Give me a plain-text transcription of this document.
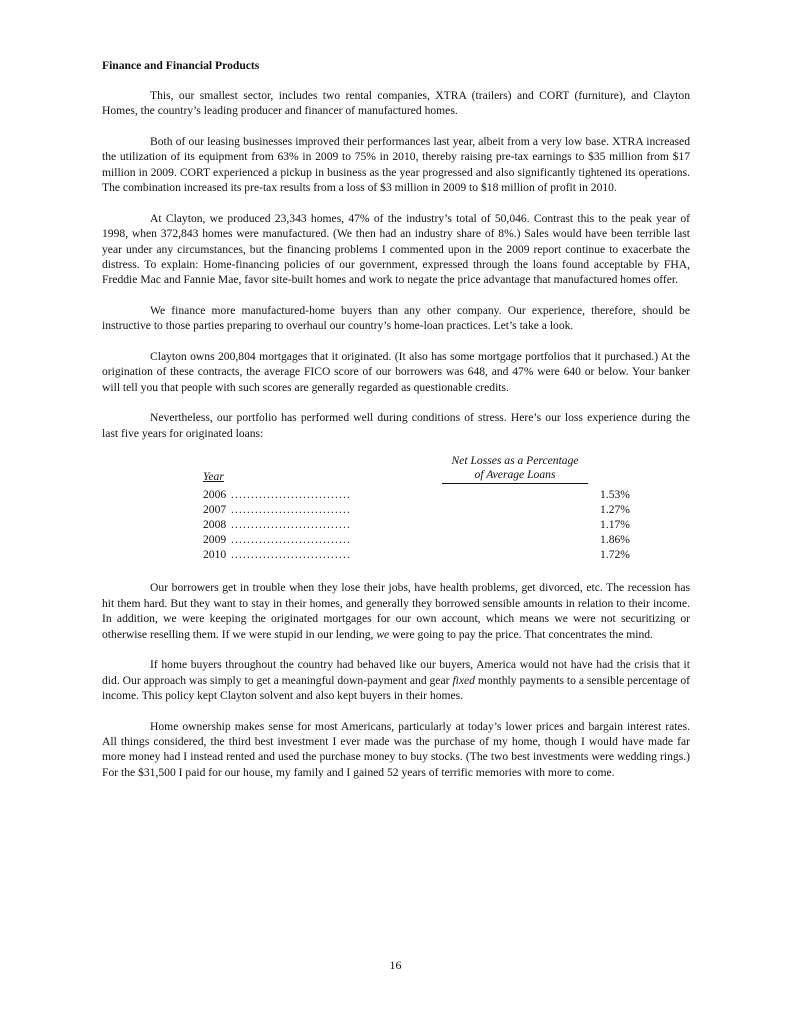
Finance and Financial Products

This, our smallest sector, includes two rental companies, XTRA (trailers) and CORT (furniture), and Clayton Homes, the country’s leading producer and financer of manufactured homes.

Both of our leasing businesses improved their performances last year, albeit from a very low base. XTRA increased the utilization of its equipment from 63% in 2009 to 75% in 2010, thereby raising pre-tax earnings to $35 million from $17 million in 2009. CORT experienced a pickup in business as the year progressed and also significantly tightened its operations. The combination increased its pre-tax results from a loss of $3 million in 2009 to $18 million of profit in 2010.

At Clayton, we produced 23,343 homes, 47% of the industry’s total of 50,046. Contrast this to the peak year of 1998, when 372,843 homes were manufactured. (We then had an industry share of 8%.) Sales would have been terrible last year under any circumstances, but the financing problems I commented upon in the 2009 report continue to exacerbate the distress. To explain: Home-financing policies of our government, expressed through the loans found acceptable by FHA, Freddie Mac and Fannie Mae, favor site-built homes and work to negate the price advantage that manufactured homes offer.

We finance more manufactured-home buyers than any other company. Our experience, therefore, should be instructive to those parties preparing to overhaul our country’s home-loan practices. Let’s take a look.

Clayton owns 200,804 mortgages that it originated. (It also has some mortgage portfolios that it purchased.) At the origination of these contracts, the average FICO score of our borrowers was 648, and 47% were 640 or below. Your banker will tell you that people with such scores are generally regarded as questionable credits.

Nevertheless, our portfolio has performed well during conditions of stress. Here’s our loss experience during the last five years for originated loans:

Year
Net Losses as a Percentage
of Average Loans
2006 ..............................	1.53%
2007 ..............................	1.27%
2008 ..............................	1.17%
2009 ..............................	1.86%
2010 ..............................	1.72%

Our borrowers get in trouble when they lose their jobs, have health problems, get divorced, etc. The recession has hit them hard. But they want to stay in their homes, and generally they borrowed sensible amounts in relation to their income. In addition, we were keeping the originated mortgages for our own account, which means we were not securitizing or otherwise reselling them. If we were stupid in our lending, we were going to pay the price. That concentrates the mind.

If home buyers throughout the country had behaved like our buyers, America would not have had the crisis that it did. Our approach was simply to get a meaningful down-payment and gear fixed monthly payments to a sensible percentage of income. This policy kept Clayton solvent and also kept buyers in their homes.

Home ownership makes sense for most Americans, particularly at today’s lower prices and bargain interest rates. All things considered, the third best investment I ever made was the purchase of my home, though I would have made far more money had I instead rented and used the purchase money to buy stocks. (The two best investments were wedding rings.) For the $31,500 I paid for our house, my family and I gained 52 years of terrific memories with more to come.

16
